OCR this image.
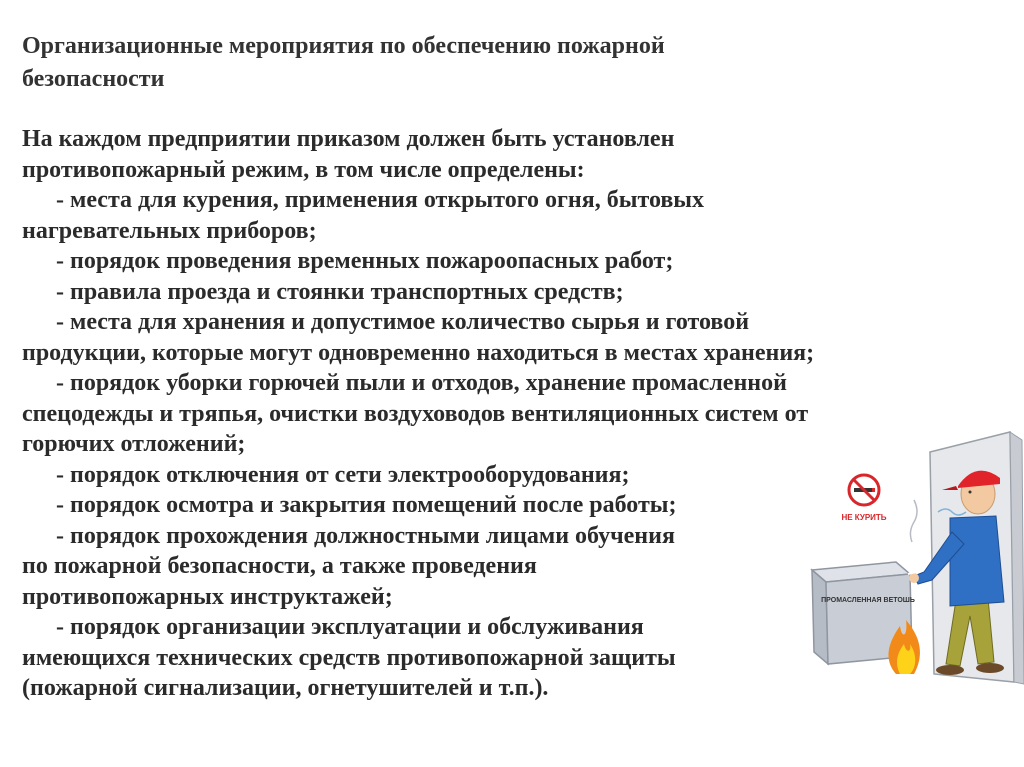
Организационные мероприятия по обеспечению пожарной
безопасности
На каждом предприятии приказом должен быть установлен
противопожарный режим, в том числе определены:
- места для курения, применения открытого огня, бытовых
нагревательных приборов;
- порядок проведения временных пожароопасных работ;
- правила проезда и стоянки транспортных средств;
- места для хранения и допустимое количество сырья и готовой
продукции, которые могут одновременно находиться в местах хранения;
- порядок уборки горючей пыли и отходов, хранение промасленной
спецодежды и тряпья, очистки воздуховодов вентиляционных систем от
горючих отложений;
- порядок отключения от сети электрооборудования;
- порядок осмотра и закрытия помещений после работы;
- порядок прохождения должностными лицами обучения
по пожарной безопасности, а также проведения
противопожарных инструктажей;
- порядок организации эксплуатации и обслуживания
имеющихся технических средств противопожарной защиты
(пожарной сигнализации, огнетушителей и т.п.).
НЕ КУРИТЬ
ПРОМАСЛЕННАЯ ВЕТОШЬ
